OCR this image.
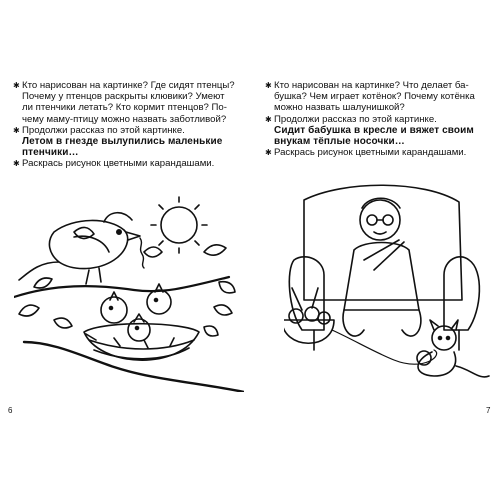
✱ Кто нарисован на картинке? Где сидят птенцы?
Почему у птенцов раскрыты клювики? Умеют
ли птенчики летать? Кто кормит птенцов? По-
чему маму-птицу можно назвать заботливой?
✱ Продолжи рассказ по этой картинке.
Летом в гнезде вылупились маленькие
птенчики…
✱ Раскрась рисунок цветными карандашами.
6
✱ Кто нарисован на картинке? Что делает ба-
бушка? Чем играет котёнок? Почему котёнка
можно назвать шалунишкой?
✱ Продолжи рассказ по этой картинке.
Сидит бабушка в кресле и вяжет своим
внукам тёплые носочки…
✱ Раскрась рисунок цветными карандашами.
7
